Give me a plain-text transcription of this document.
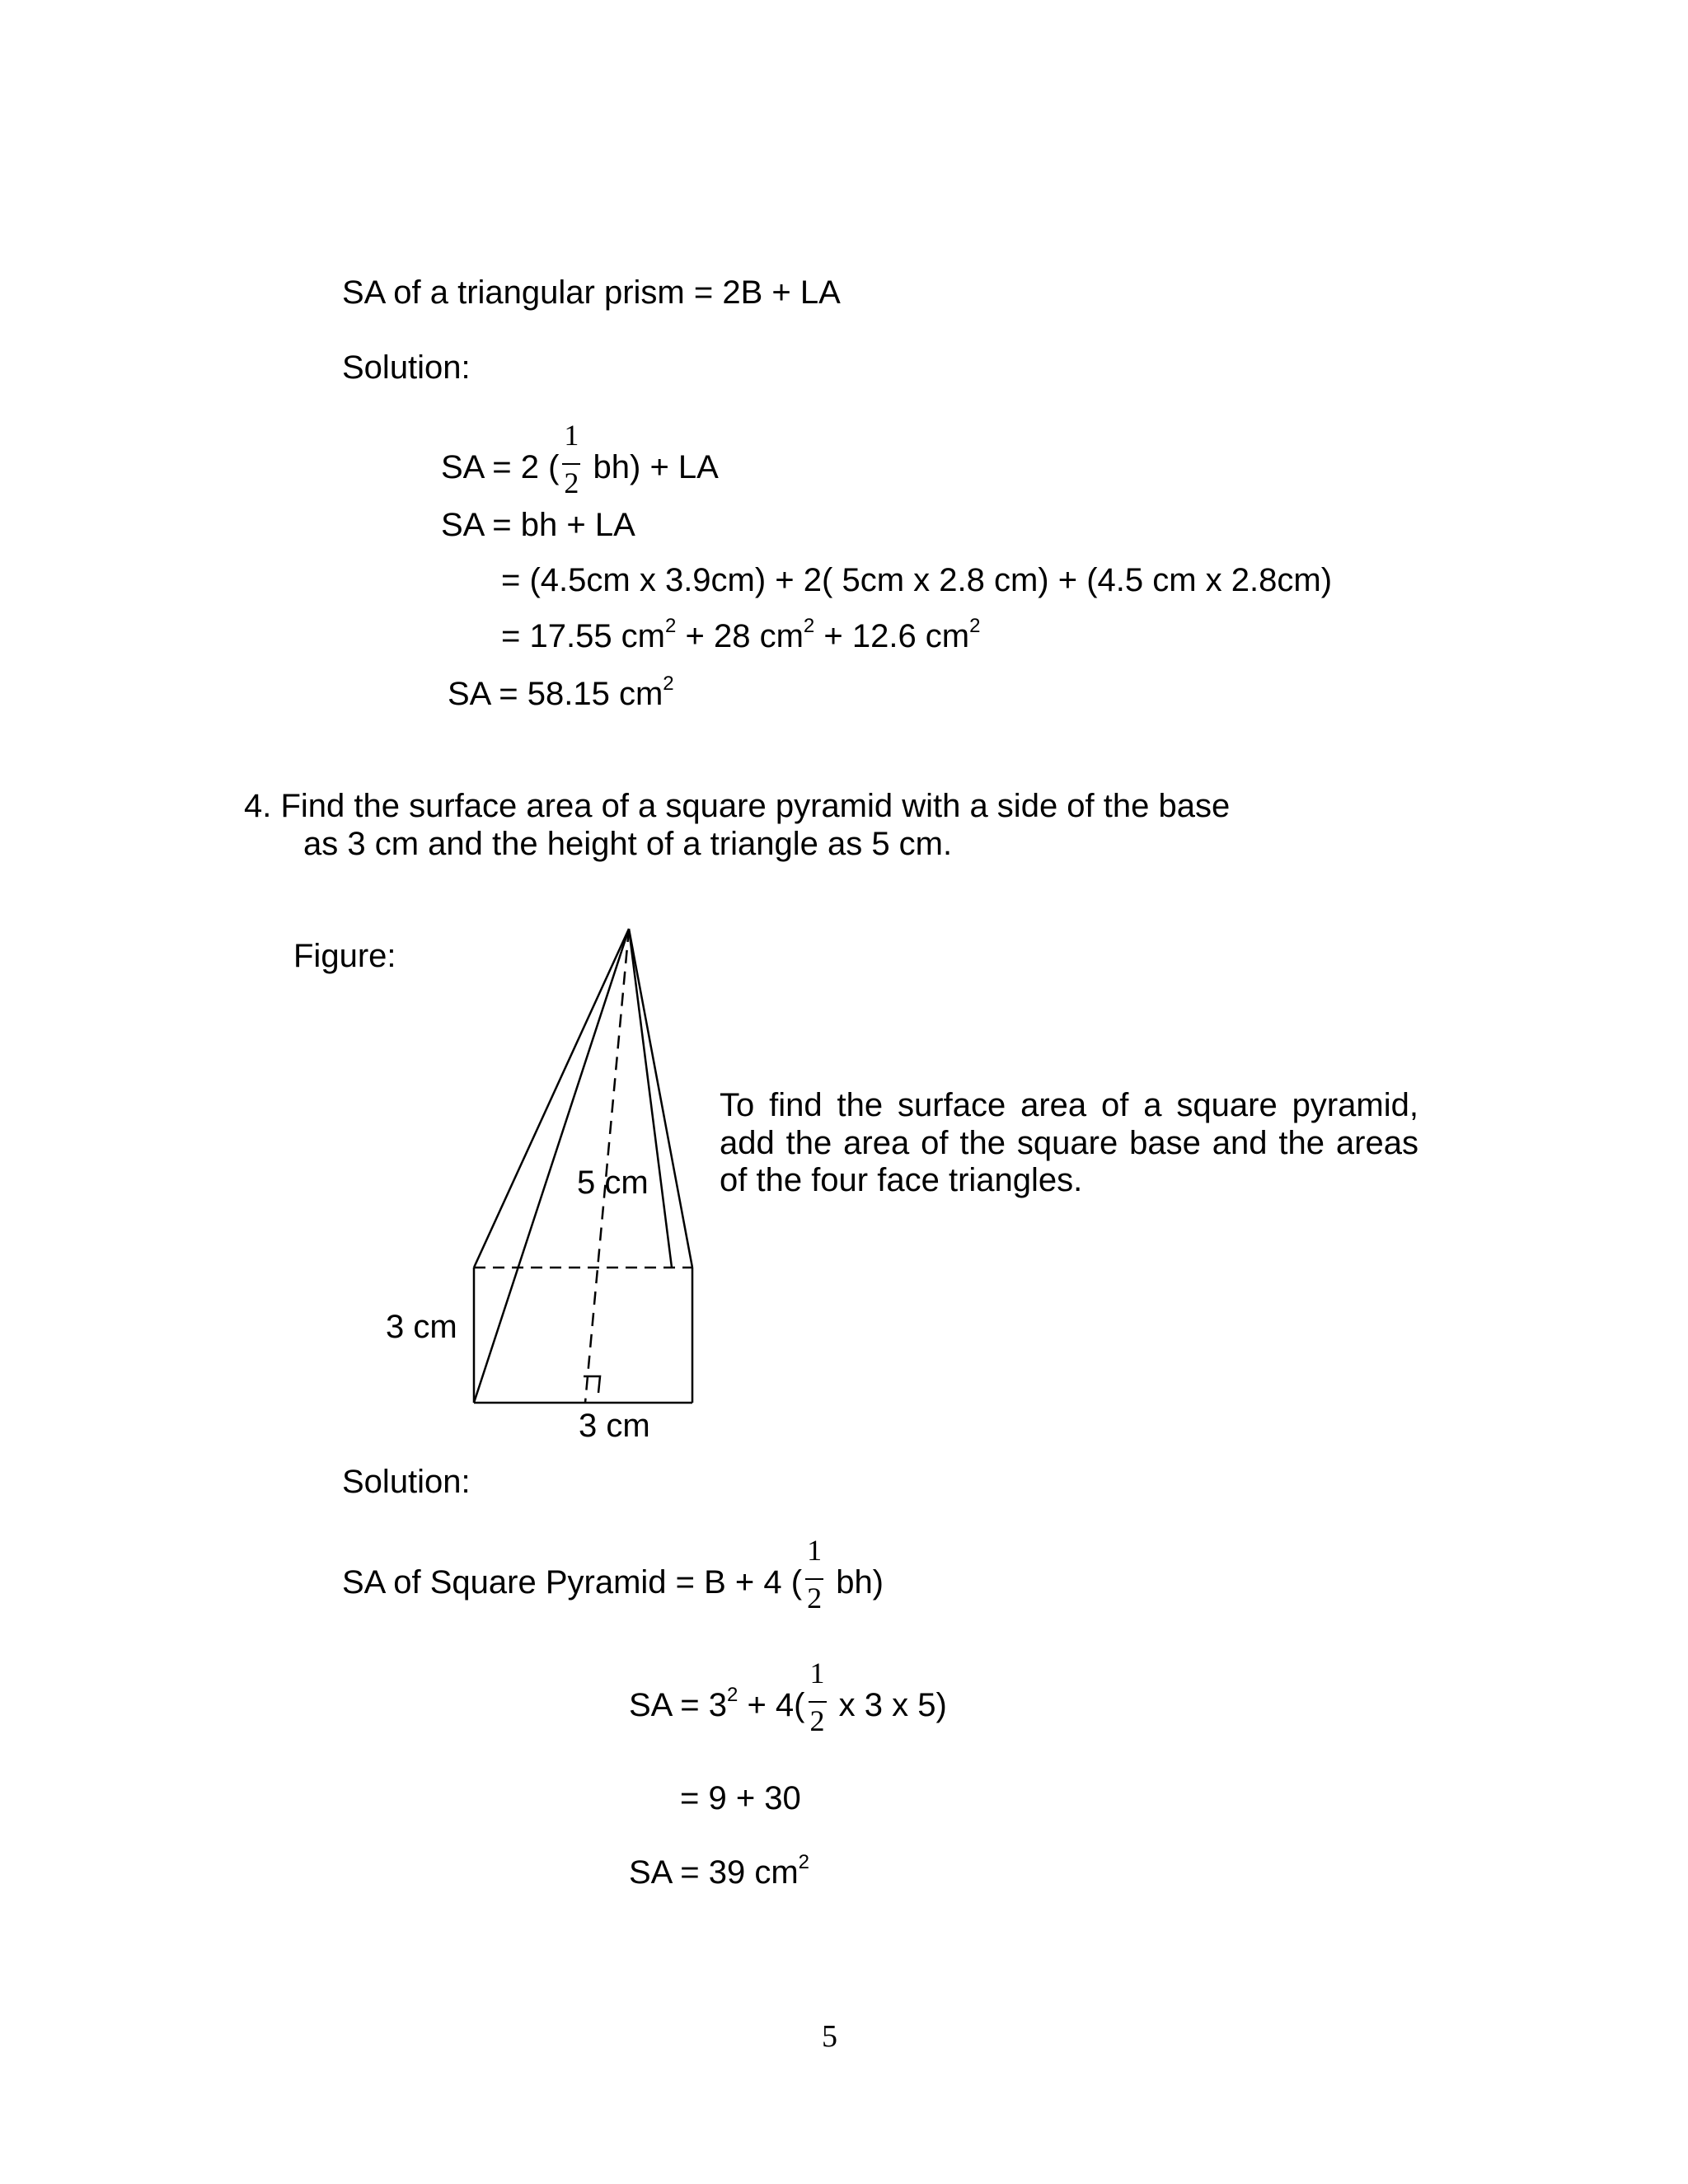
SA of a triangular prism = 2B + LA
Solution:
SA = 2 ( $\frac{1}{2} bh$) + LA
SA = bh + LA
= (4.5cm x 3.9cm) + 2( 5cm x 2.8 cm) + (4.5 cm x 2.8cm)
= 17.55 $cm^2 + 28$ $cm^2 + 12.6$ $cm^2$
SA = 58.15 $cm^2$
4. Find the surface area of a square pyramid with a side of the base
as 3 cm and the height of a triangle as 5 cm.
Figure:
5 cm
3 cm
3 cm
To find the surface area of a square pyramid,
add the area of the square base and the areas
of the four face triangles.
Solution:
SA of Square Pyramid = B + 4 ( $\frac{1}{2} bh$)
SA = $3^2 + 4( \frac{1}{2}$ x 3 x 5)
= 9 + 30
SA = 39 $cm^2$
5
